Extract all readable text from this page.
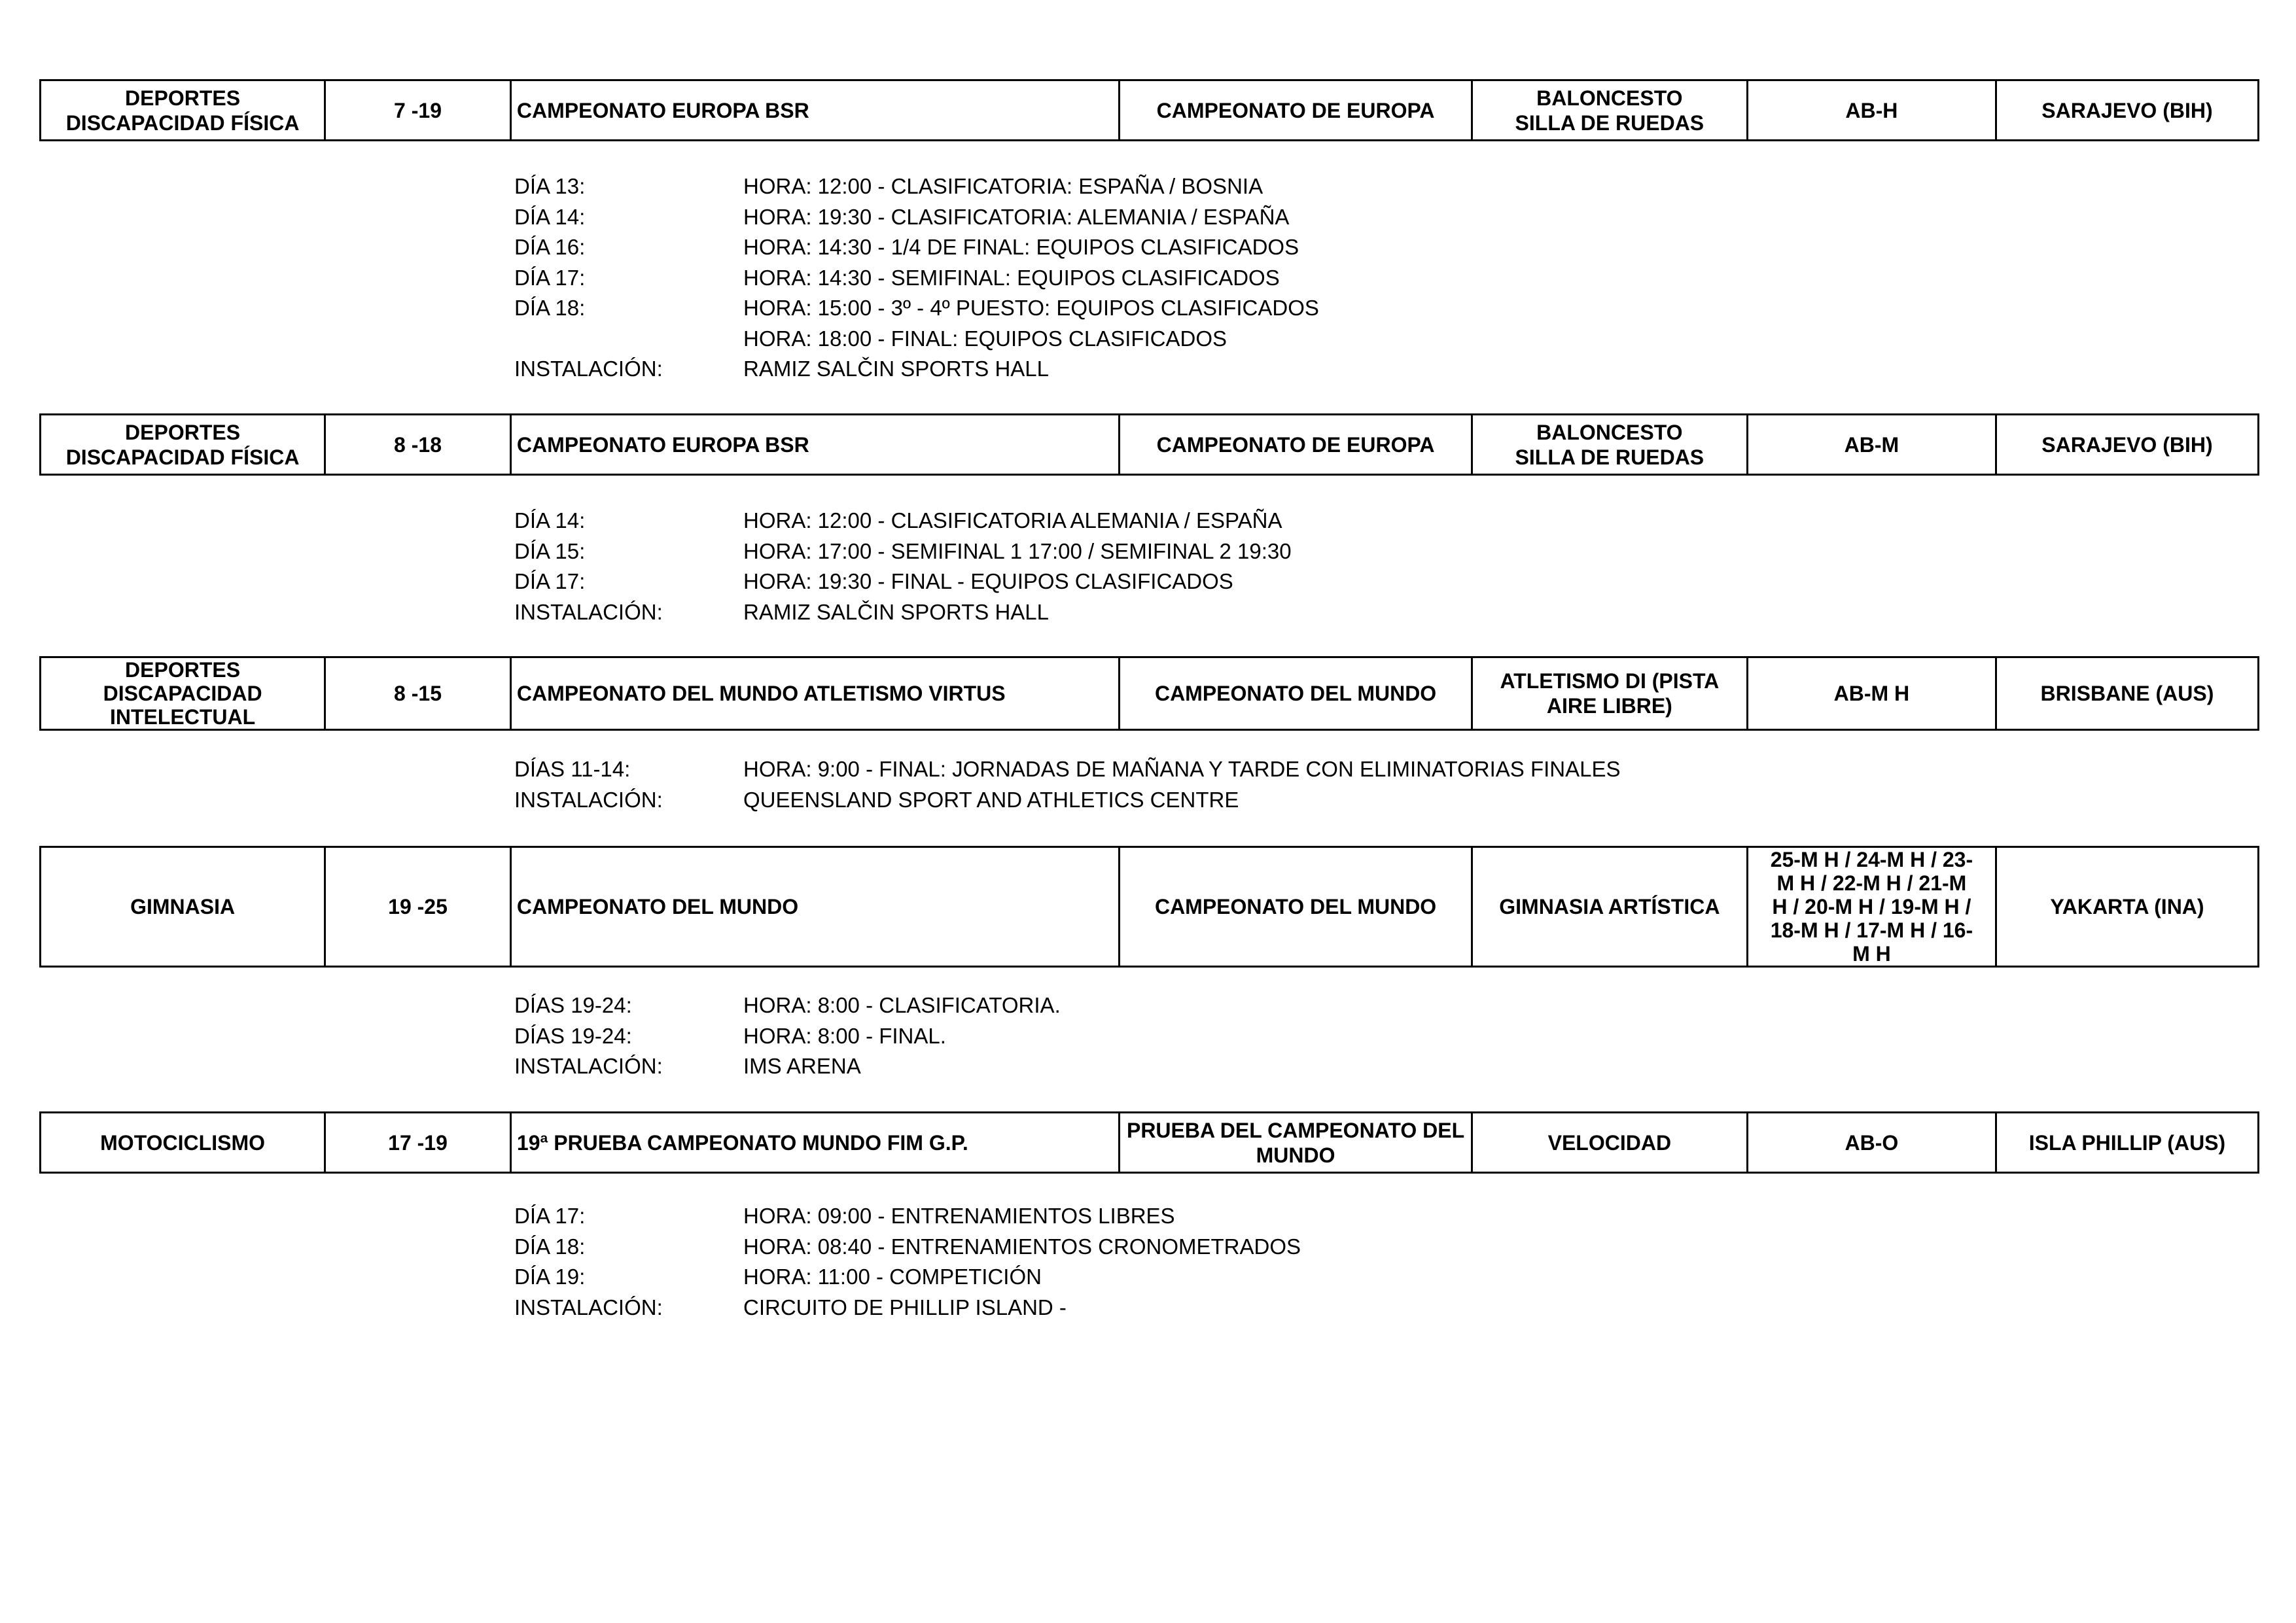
DEPORTES
DISCAPACIDAD FÍSICA	7 -19	CAMPEONATO EUROPA BSR	CAMPEONATO DE EUROPA	BALONCESTO
SILLA DE RUEDAS	AB-H	SARAJEVO (BIH)
DÍA 13:	HORA: 12:00 - CLASIFICATORIA: ESPAÑA / BOSNIA
DÍA 14:	HORA: 19:30 - CLASIFICATORIA: ALEMANIA / ESPAÑA
DÍA 16:	HORA: 14:30 - 1/4 DE FINAL: EQUIPOS CLASIFICADOS
DÍA 17:	HORA: 14:30 - SEMIFINAL: EQUIPOS CLASIFICADOS
DÍA 18:	HORA: 15:00 - 3º - 4º PUESTO: EQUIPOS CLASIFICADOS
HORA: 18:00 - FINAL: EQUIPOS CLASIFICADOS
INSTALACIÓN:	RAMIZ SALČIN SPORTS HALL
DEPORTES
DISCAPACIDAD FÍSICA	8 -18	CAMPEONATO EUROPA BSR	CAMPEONATO DE EUROPA	BALONCESTO
SILLA DE RUEDAS	AB-M	SARAJEVO (BIH)
DÍA 14:	HORA: 12:00 - CLASIFICATORIA ALEMANIA / ESPAÑA
DÍA 15:	HORA: 17:00 - SEMIFINAL 1 17:00 / SEMIFINAL 2 19:30
DÍA 17:	HORA: 19:30 - FINAL - EQUIPOS CLASIFICADOS
INSTALACIÓN:	RAMIZ SALČIN SPORTS HALL
DEPORTES
DISCAPACIDAD
INTELECTUAL	8 -15	CAMPEONATO DEL MUNDO ATLETISMO VIRTUS	CAMPEONATO DEL MUNDO	ATLETISMO DI (PISTA
AIRE LIBRE)	AB-M H	BRISBANE (AUS)
DÍAS 11-14:	HORA: 9:00 - FINAL: JORNADAS DE MAÑANA Y TARDE CON ELIMINATORIAS FINALES
INSTALACIÓN:	QUEENSLAND SPORT AND ATHLETICS CENTRE
GIMNASIA	19 -25	CAMPEONATO DEL MUNDO	CAMPEONATO DEL MUNDO	GIMNASIA ARTÍSTICA	25-M H / 24-M H / 23-
M H / 22-M H / 21-M
H / 20-M H / 19-M H /
18-M H / 17-M H / 16-
M H	YAKARTA (INA)
DÍAS 19-24:	HORA: 8:00 - CLASIFICATORIA.
DÍAS 19-24:	HORA: 8:00 - FINAL.
INSTALACIÓN:	IMS ARENA
MOTOCICLISMO	17 -19	19ª PRUEBA CAMPEONATO MUNDO FIM G.P.	PRUEBA DEL CAMPEONATO DEL
MUNDO	VELOCIDAD	AB-O	ISLA PHILLIP (AUS)
DÍA 17:	HORA: 09:00 - ENTRENAMIENTOS LIBRES
DÍA 18:	HORA: 08:40 - ENTRENAMIENTOS CRONOMETRADOS
DÍA 19:	HORA: 11:00 - COMPETICIÓN
INSTALACIÓN:	CIRCUITO DE PHILLIP ISLAND -
